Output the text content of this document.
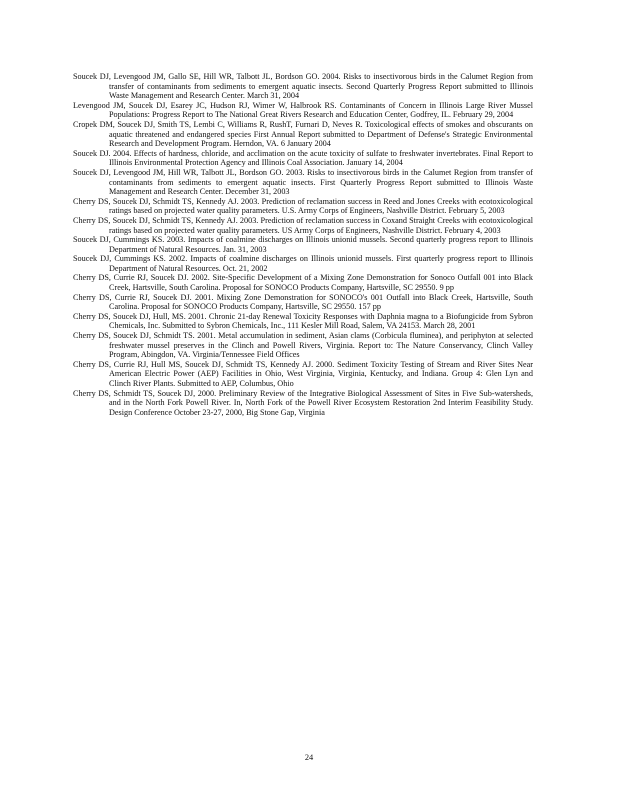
Soucek DJ, Levengood JM, Gallo SE, Hill WR, Talbott JL, Bordson GO. 2004. Risks to insectivorous birds in the Calumet Region from transfer of contaminants from sediments to emergent aquatic insects. Second Quarterly Progress Report submitted to Illinois Waste Management and Research Center. March 31, 2004

Levengood JM, Soucek DJ, Esarey JC, Hudson RJ, Wimer W, Halbrook RS. Contaminants of Concern in Illinois Large River Mussel Populations: Progress Report to The National Great Rivers Research and Education Center, Godfrey, IL. February 29, 2004

Cropek DM, Soucek DJ, Smith TS, Lembi C, Williams R, RushT, Furnari D, Neves R. Toxicological effects of smokes and obscurants on aquatic threatened and endangered species First Annual Report submitted to Department of Defense's Strategic Environmental Research and Development Program. Herndon, VA. 6 January 2004

Soucek DJ. 2004. Effects of hardness, chloride, and acclimation on the acute toxicity of sulfate to freshwater invertebrates. Final Report to Illinois Environmental Protection Agency and Illinois Coal Association. January 14, 2004

Soucek DJ, Levengood JM, Hill WR, Talbott JL, Bordson GO. 2003. Risks to insectivorous birds in the Calumet Region from transfer of contaminants from sediments to emergent aquatic insects. First Quarterly Progress Report submitted to Illinois Waste Management and Research Center. December 31, 2003

Cherry DS, Soucek DJ, Schmidt TS, Kennedy AJ. 2003. Prediction of reclamation success in Reed and Jones Creeks with ecotoxicological ratings based on projected water quality parameters. U.S. Army Corps of Engineers, Nashville District. February 5, 2003

Cherry DS, Soucek DJ, Schmidt TS, Kennedy AJ. 2003. Prediction of reclamation success in Coxand Straight Creeks with ecotoxicological ratings based on projected water quality parameters. US Army Corps of Engineers, Nashville District. February 4, 2003

Soucek DJ, Cummings KS. 2003. Impacts of coalmine discharges on Illinois unionid mussels. Second quarterly progress report to Illinois Department of Natural Resources. Jan. 31, 2003

Soucek DJ, Cummings KS. 2002. Impacts of coalmine discharges on Illinois unionid mussels. First quarterly progress report to Illinois Department of Natural Resources. Oct. 21, 2002

Cherry DS, Currie RJ, Soucek DJ. 2002. Site-Specific Development of a Mixing Zone Demonstration for Sonoco Outfall 001 into Black Creek, Hartsville, South Carolina. Proposal for SONOCO Products Company, Hartsville, SC 29550. 9 pp

Cherry DS, Currie RJ, Soucek DJ. 2001. Mixing Zone Demonstration for SONOCO's 001 Outfall into Black Creek, Hartsville, South Carolina. Proposal for SONOCO Products Company, Hartsville, SC 29550. 157 pp

Cherry DS, Soucek DJ, Hull, MS. 2001. Chronic 21-day Renewal Toxicity Responses with Daphnia magna to a Biofungicide from Sybron Chemicals, Inc. Submitted to Sybron Chemicals, Inc., 111 Kesler Mill Road, Salem, VA 24153. March 28, 2001

Cherry DS, Soucek DJ, Schmidt TS. 2001. Metal accumulation in sediment, Asian clams (Corbicula fluminea), and periphyton at selected freshwater mussel preserves in the Clinch and Powell Rivers, Virginia. Report to: The Nature Conservancy, Clinch Valley Program, Abingdon, VA. Virginia/Tennessee Field Offices

Cherry DS, Currie RJ, Hull MS, Soucek DJ, Schmidt TS, Kennedy AJ. 2000. Sediment Toxicity Testing of Stream and River Sites Near American Electric Power (AEP) Facilities in Ohio, West Virginia, Virginia, Kentucky, and Indiana. Group 4: Glen Lyn and Clinch River Plants. Submitted to AEP, Columbus, Ohio

Cherry DS, Schmidt TS, Soucek DJ, 2000. Preliminary Review of the Integrative Biological Assessment of Sites in Five Sub-watersheds, and in the North Fork Powell River. In, North Fork of the Powell River Ecosystem Restoration 2nd Interim Feasibility Study. Design Conference October 23-27, 2000, Big Stone Gap, Virginia

24
